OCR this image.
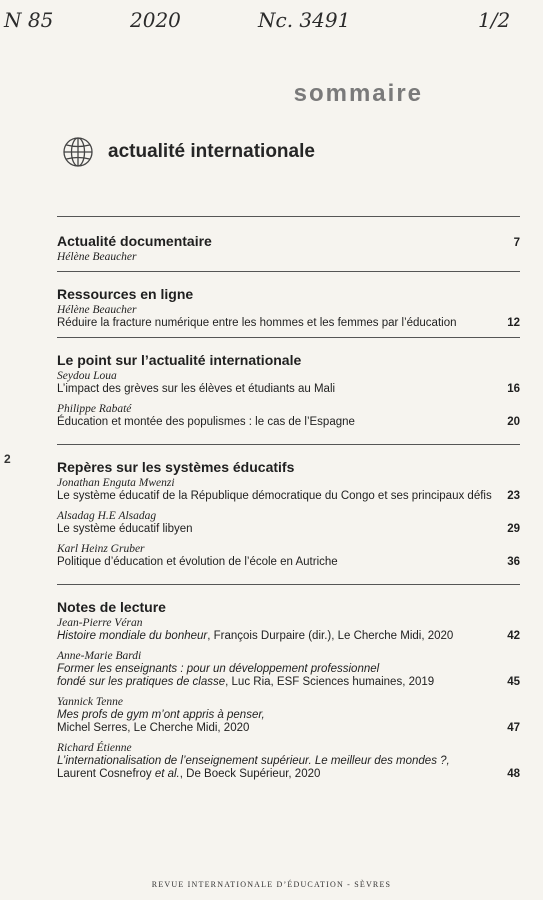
N 85	2020	Nc. 3491	1/2
sommaire
actualité internationale
2
Actualité documentaire	7
Hélène Beaucher
Ressources en ligne
Hélène Beaucher
Réduire la fracture numérique entre les hommes et les femmes par l’éducation	12
Le point sur l’actualité internationale
Seydou Loua
L’impact des grèves sur les élèves et étudiants au Mali	16
Philippe Rabaté
Éducation et montée des populismes : le cas de l’Espagne	20
Repères sur les systèmes éducatifs
Jonathan Enguta Mwenzi
Le système éducatif de la République démocratique du Congo et ses principaux défis	23
Alsadag H.E Alsadag
Le système éducatif libyen	29
Karl Heinz Gruber
Politique d’éducation et évolution de l’école en Autriche	36
Notes de lecture
Jean-Pierre Véran
Histoire mondiale du bonheur, François Durpaire (dir.), Le Cherche Midi, 2020	42
Anne-Marie Bardi
Former les enseignants : pour un développement professionnel
fondé sur les pratiques de classe, Luc Ria, ESF Sciences humaines, 2019	45
Yannick Tenne
Mes profs de gym m’ont appris à penser,
Michel Serres, Le Cherche Midi, 2020	47
Richard Étienne
L’internationalisation de l’enseignement supérieur. Le meilleur des mondes ?,
Laurent Cosnefroy et al., De Boeck Supérieur, 2020	48
REVUE INTERNATIONALE D’ÉDUCATION - SÈVRES
